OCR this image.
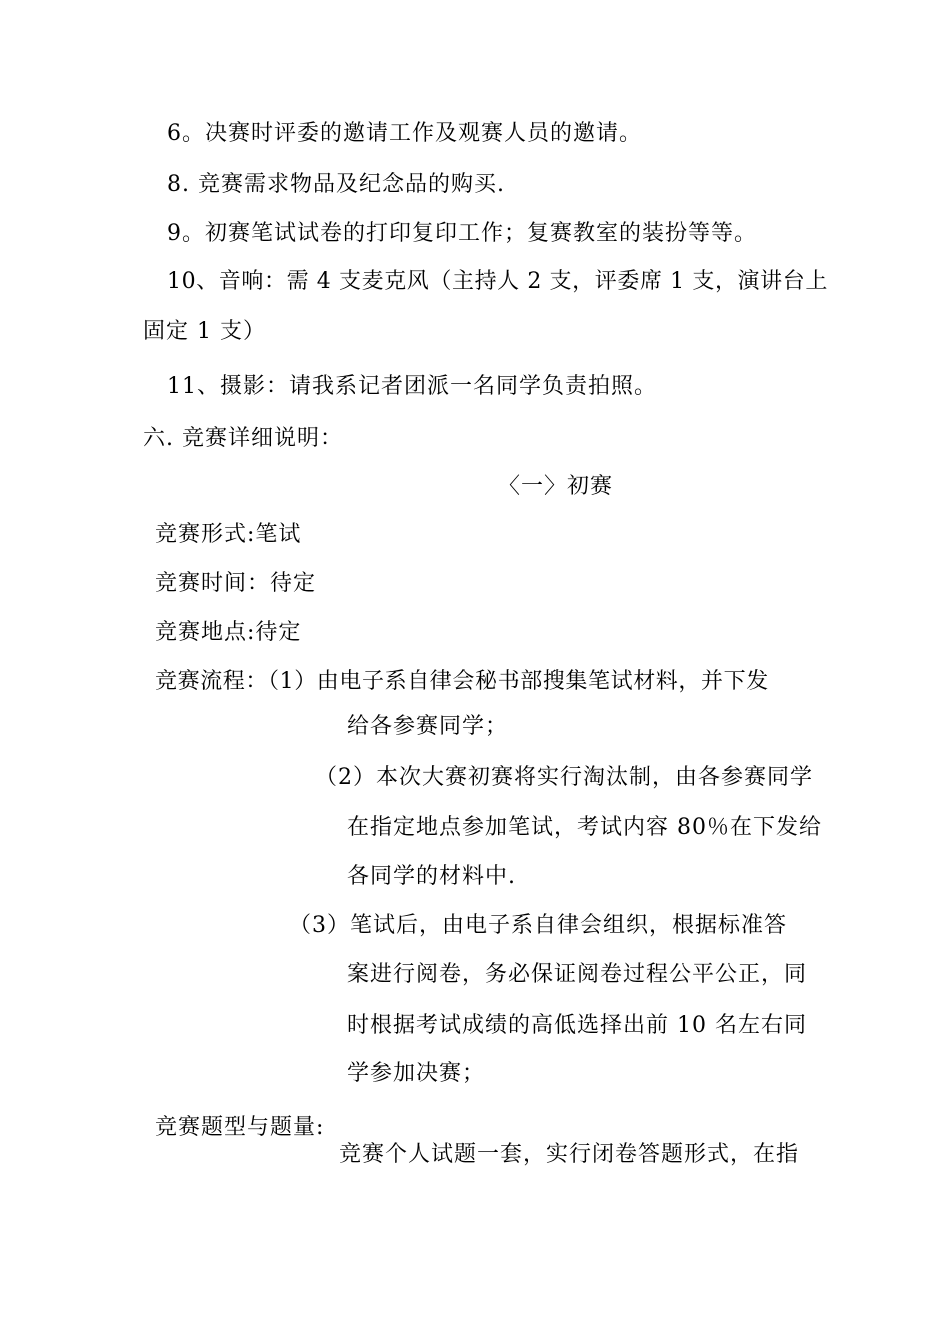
6。决赛时评委的邀请工作及观赛人员的邀请。
8. 竞赛需求物品及纪念品的购买.
9。初赛笔试试卷的打印复印工作；复赛教室的装扮等等。
10、音响：需 4 支麦克风（主持人 2 支，评委席 1 支，演讲台上
固定 1 支）
11、摄影：请我系记者团派一名同学负责拍照。
六. 竞赛详细说明：
〈一〉初赛
竞赛形式:笔试
竞赛时间：待定
竞赛地点:待定
竞赛流程：（1）由电子系自律会秘书部搜集笔试材料，并下发
给各参赛同学；
（2）本次大赛初赛将实行淘汰制，由各参赛同学
在指定地点参加笔试，考试内容 80％在下发给
各同学的材料中.
（3）笔试后，由电子系自律会组织，根据标准答
案进行阅卷，务必保证阅卷过程公平公正，同
时根据考试成绩的高低选择出前 10 名左右同
学参加决赛；
竞赛题型与题量:
竞赛个人试题一套，实行闭卷答题形式，在指
